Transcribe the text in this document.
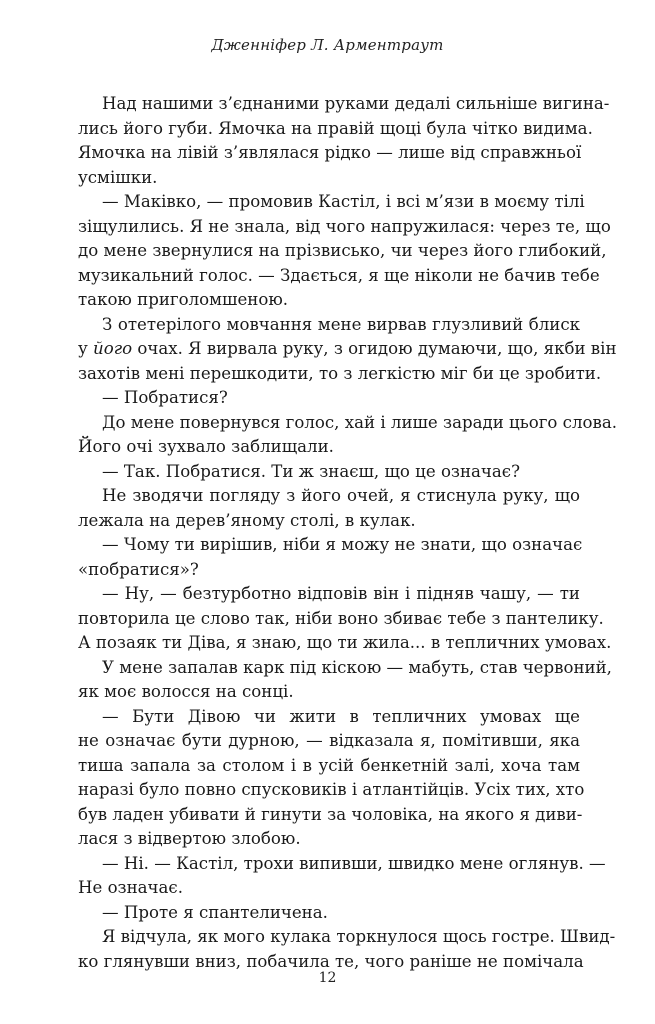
Дженніфер Л. Арментраут
Над нашими з’єднаними руками дедалі сильніше вигина-
лись його губи. Ямочка на правій щоці була чітко видима.
Ямочка на лівій з’являлася рідко — лише від справжньої
усмішки.
— Маківко, — промовив Кастіл, і всі м’язи в моєму тілі
зіщулились. Я не знала, від чого напружилася: через те, що
до мене звернулися на прізвисько, чи через його глибокий,
музикальний голос. — Здається, я ще ніколи не бачив тебе
такою приголомшеною.
З отетерілого мовчання мене вирвав глузливий блиск
у його очах. Я вирвала руку, з огидою думаючи, що, якби він
захотів мені перешкодити, то з легкістю міг би це зробити.
— Побратися?
До мене повернувся голос, хай і лише заради цього слова.
Його очі зухвало заблищали.
— Так. Побратися. Ти ж знаєш, що це означає?
Не зводячи погляду з його очей, я стиснула руку, що
лежала на дерев’яному столі, в кулак.
— Чому ти вирішив, ніби я можу не знати, що означає
«побратися»?
— Ну, — безтурботно відповів він і підняв чашу, — ти
повторила це слово так, ніби воно збиває тебе з пантелику.
А позаяк ти Діва, я знаю, що ти жила... в тепличних умовах.
У мене запалав карк під кіскою — мабуть, став червоний,
як моє волосся на сонці.
— Бути Дівою чи жити в тепличних умовах ще
не означає бути дурною, — відказала я, помітивши, яка
тиша запала за столом і в усій бенкетній залі, хоча там
наразі було повно спусковиків і атлантійців. Усіх тих, хто
був ладен убивати й гинути за чоловіка, на якого я диви-
лася з відвертою злобою.
— Ні. — Кастіл, трохи випивши, швидко мене оглянув. —
Не означає.
— Проте я спантеличена.
Я відчула, як мого кулака торкнулося щось гостре. Швид-
ко глянувши вниз, побачила те, чого раніше не помічала
12
